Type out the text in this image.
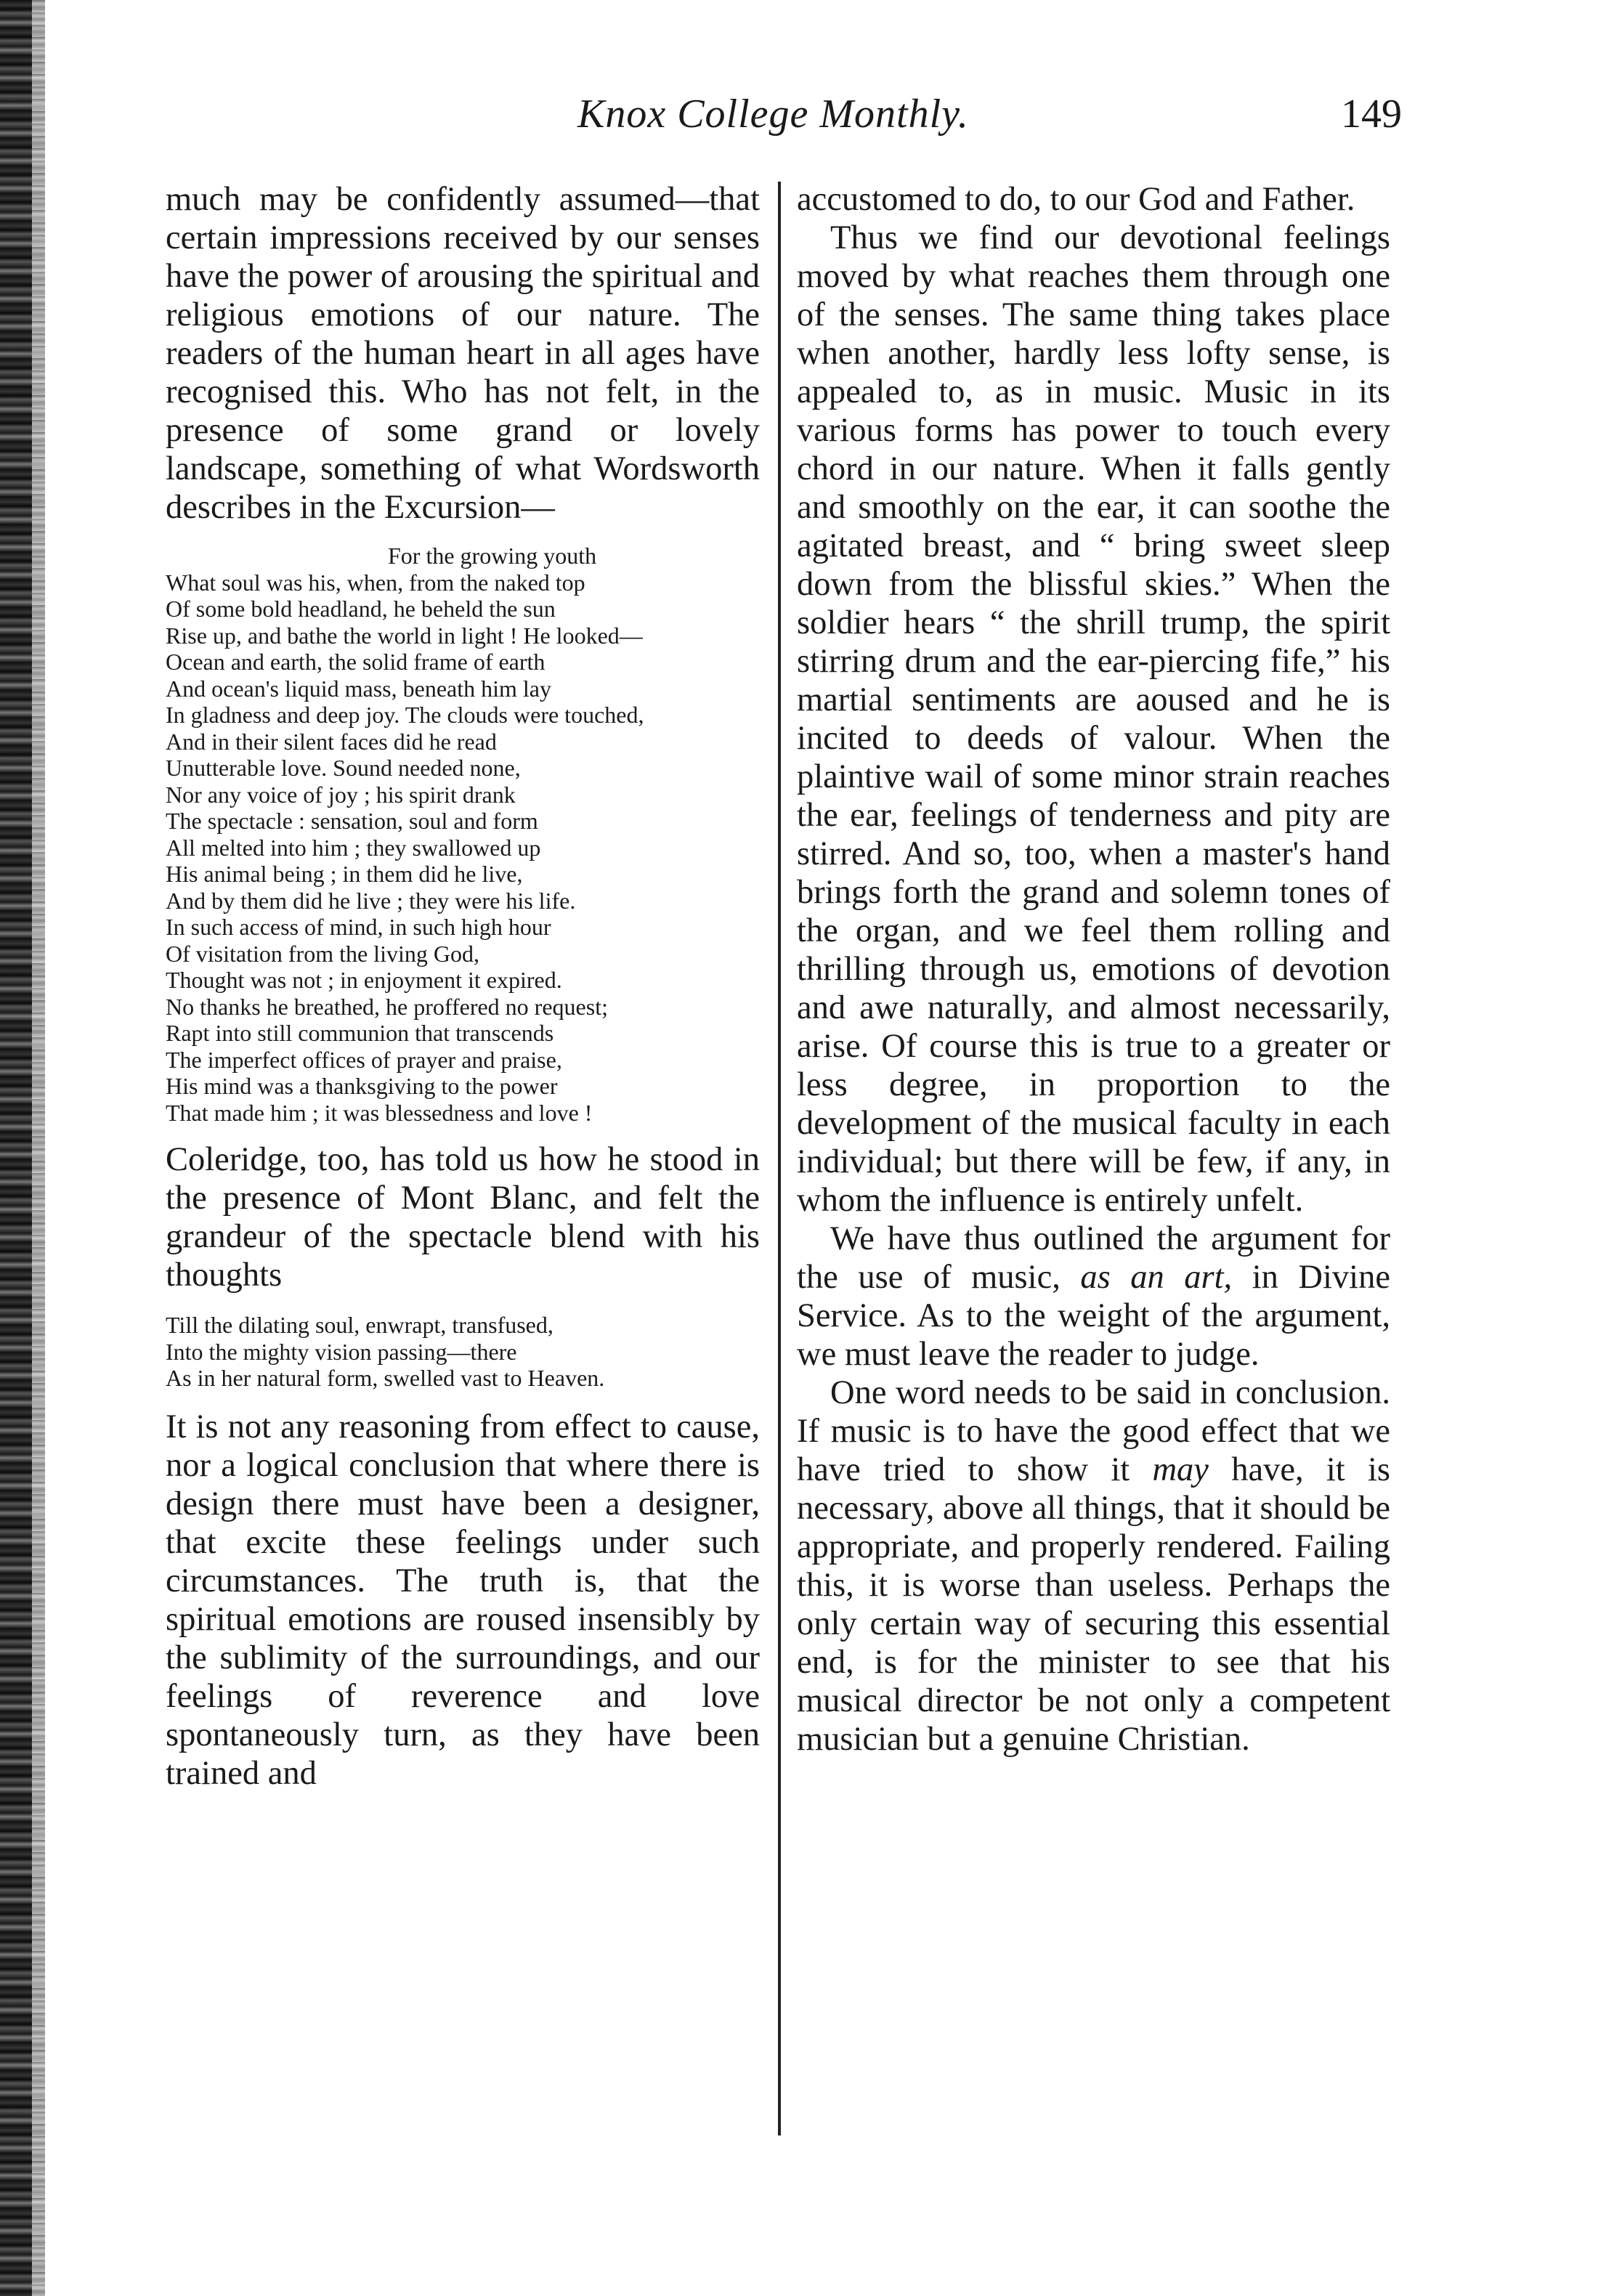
Knox College Monthly.	149

much may be confidently assumed—that certain impressions received by our senses have the power of arousing the spiritual and religious emotions of our nature. The readers of the human heart in all ages have recognised this. Who has not felt, in the presence of some grand or lovely landscape, something of what Wordsworth describes in the Excursion—

For the growing youth
What soul was his, when, from the naked top
Of some bold headland, he beheld the sun
Rise up, and bathe the world in light ! He looked—
Ocean and earth, the solid frame of earth
And ocean's liquid mass, beneath him lay
In gladness and deep joy. The clouds were touched,
And in their silent faces did he read
Unutterable love. Sound needed none,
Nor any voice of joy ; his spirit drank
The spectacle : sensation, soul and form
All melted into him ; they swallowed up
His animal being ; in them did he live,
And by them did he live ; they were his life.
In such access of mind, in such high hour
Of visitation from the living God,
Thought was not ; in enjoyment it expired.
No thanks he breathed, he proffered no request;
Rapt into still communion that transcends
The imperfect offices of prayer and praise,
His mind was a thanksgiving to the power
That made him ; it was blessedness and love !

Coleridge, too, has told us how he stood in the presence of Mont Blanc, and felt the grandeur of the spectacle blend with his thoughts

Till the dilating soul, enwrapt, transfused,
Into the mighty vision passing—there
As in her natural form, swelled vast to Heaven.

It is not any reasoning from effect to cause, nor a logical conclusion that where there is design there must have been a designer, that excite these feelings under such circumstances. The truth is, that the spiritual emotions are roused insensibly by the sublimity of the surroundings, and our feelings of reverence and love spontaneously turn, as they have been trained and

accustomed to do, to our God and Father.

Thus we find our devotional feelings moved by what reaches them through one of the senses. The same thing takes place when another, hardly less lofty sense, is appealed to, as in music. Music in its various forms has power to touch every chord in our nature. When it falls gently and smoothly on the ear, it can soothe the agitated breast, and “ bring sweet sleep down from the blissful skies.” When the soldier hears “ the shrill trump, the spirit stirring drum and the ear-piercing fife,” his martial sentiments are aoused and he is incited to deeds of valour. When the plaintive wail of some minor strain reaches the ear, feelings of tenderness and pity are stirred. And so, too, when a master's hand brings forth the grand and solemn tones of the organ, and we feel them rolling and thrilling through us, emotions of devotion and awe naturally, and almost necessarily, arise. Of course this is true to a greater or less degree, in proportion to the development of the musical faculty in each individual; but there will be few, if any, in whom the influence is entirely unfelt.

We have thus outlined the argument for the use of music, as an art, in Divine Service. As to the weight of the argument, we must leave the reader to judge.

One word needs to be said in conclusion. If music is to have the good effect that we have tried to show it may have, it is necessary, above all things, that it should be appropriate, and properly rendered. Failing this, it is worse than useless. Perhaps the only certain way of securing this essential end, is for the minister to see that his musical director be not only a competent musician but a genuine Christian.
